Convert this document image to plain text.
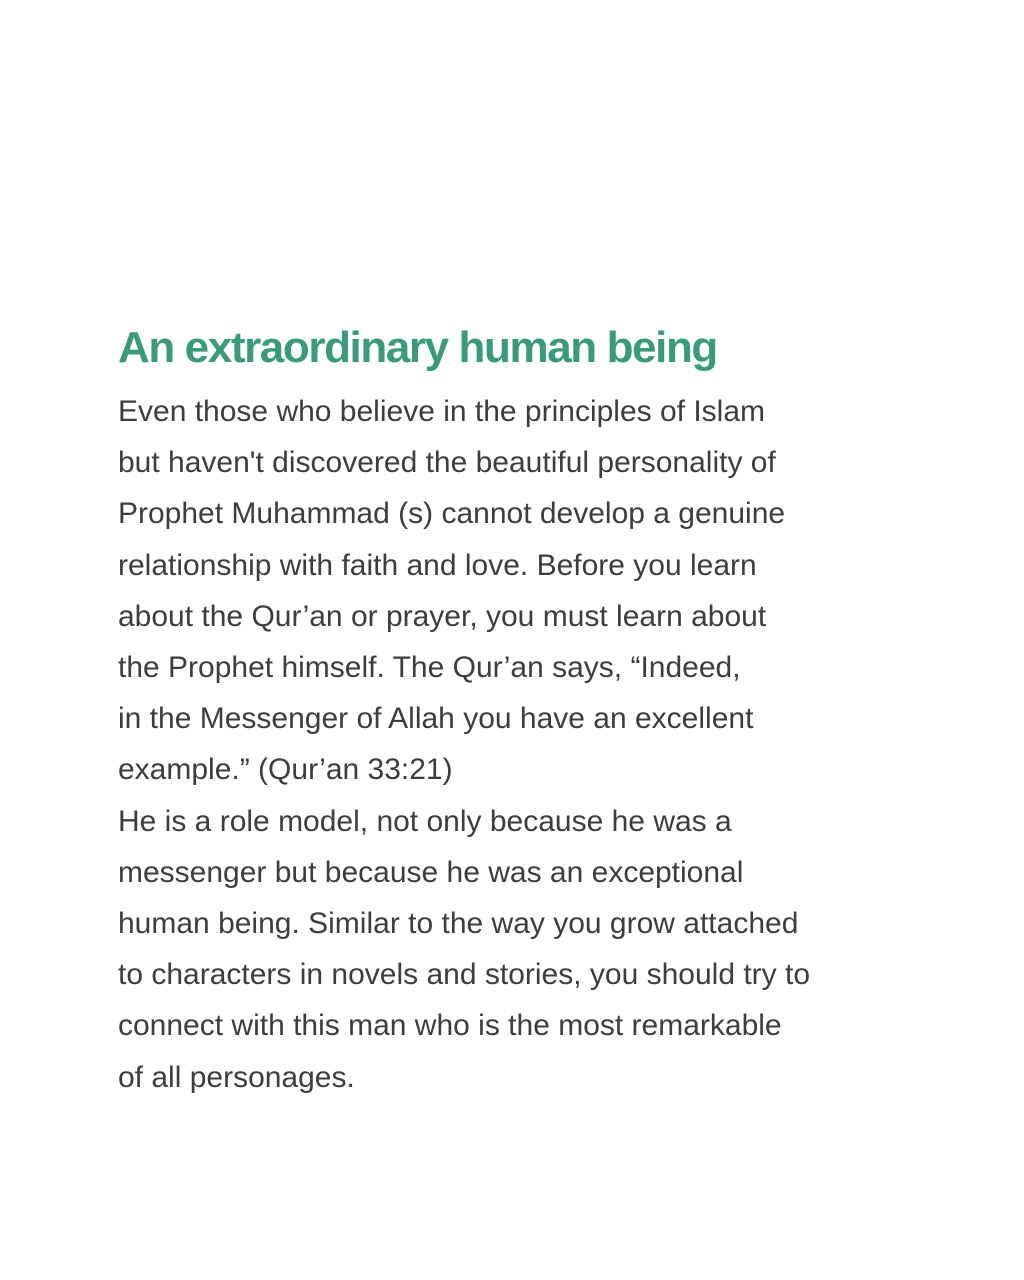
An extraordinary human being
Even those who believe in the principles of Islam
but haven't discovered the beautiful personality of
Prophet Muhammad (s) cannot develop a genuine
relationship with faith and love. Before you learn
about the Qur’an or prayer, you must learn about
the Prophet himself. The Qur’an says, “Indeed,
in the Messenger of Allah you have an excellent
example.” (Qur’an 33:21)
He is a role model, not only because he was a
messenger but because he was an exceptional
human being. Similar to the way you grow attached
to characters in novels and stories, you should try to
connect with this man who is the most remarkable
of all personages.
